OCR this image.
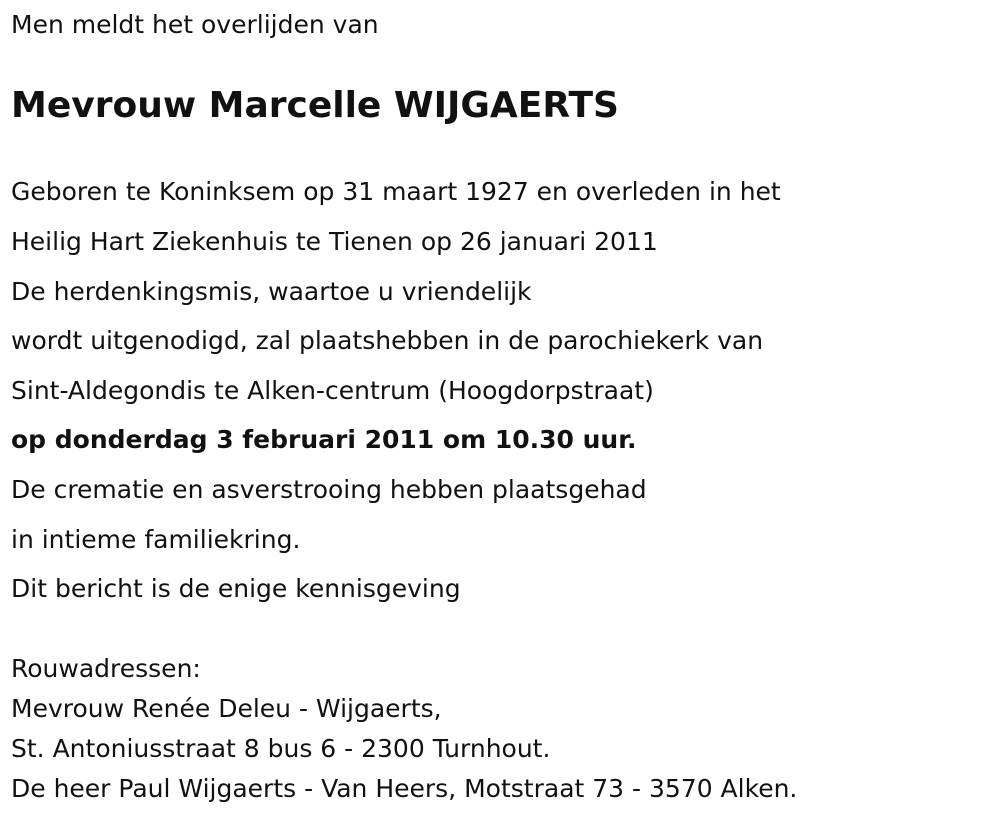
Men meldt het overlijden van
Mevrouw Marcelle WIJGAERTS
Geboren te Koninksem op 31 maart 1927 en overleden in het
Heilig Hart Ziekenhuis te Tienen op 26 januari 2011
De herdenkingsmis, waartoe u vriendelijk
wordt uitgenodigd, zal plaatshebben in de parochiekerk van
Sint-Aldegondis te Alken-centrum (Hoogdorpstraat)
op donderdag 3 februari 2011 om 10.30 uur.
De crematie en asverstrooing hebben plaatsgehad
in intieme familiekring.
Dit bericht is de enige kennisgeving
Rouwadressen:
Mevrouw Renée Deleu - Wijgaerts,
St. Antoniusstraat 8 bus 6 - 2300 Turnhout.
De heer Paul Wijgaerts - Van Heers, Motstraat 73 - 3570 Alken.
